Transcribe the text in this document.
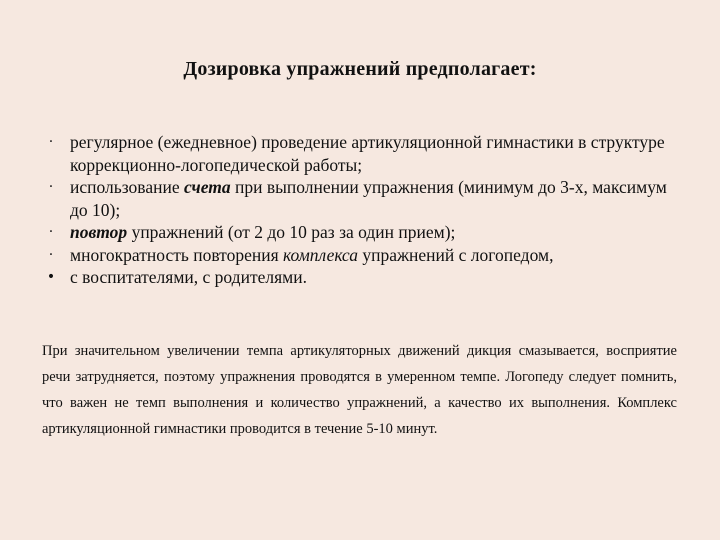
Дозировка упражнений предполагает:
· регулярное (ежедневное) проведение артикуляционной гимнастики в структуре коррекционно-логопедической работы;
· использование счета при выполнении упражнения (минимум до 3-х, максимум до 10);
· повтор упражнений (от 2 до 10 раз за один прием);
· многократность повторения комплекса упражнений с логопедом,
• с воспитателями, с родителями.

При значительном увеличении темпа артикуляторных движений дикция смазывается, восприятие речи затрудняется, поэтому упражнения проводятся в умеренном темпе. Логопеду следует помнить, что важен не темп выполнения и количество упражнений, а качество их выполнения. Комплекс артикуляционной гимнастики проводится в течение 5-10 минут.
